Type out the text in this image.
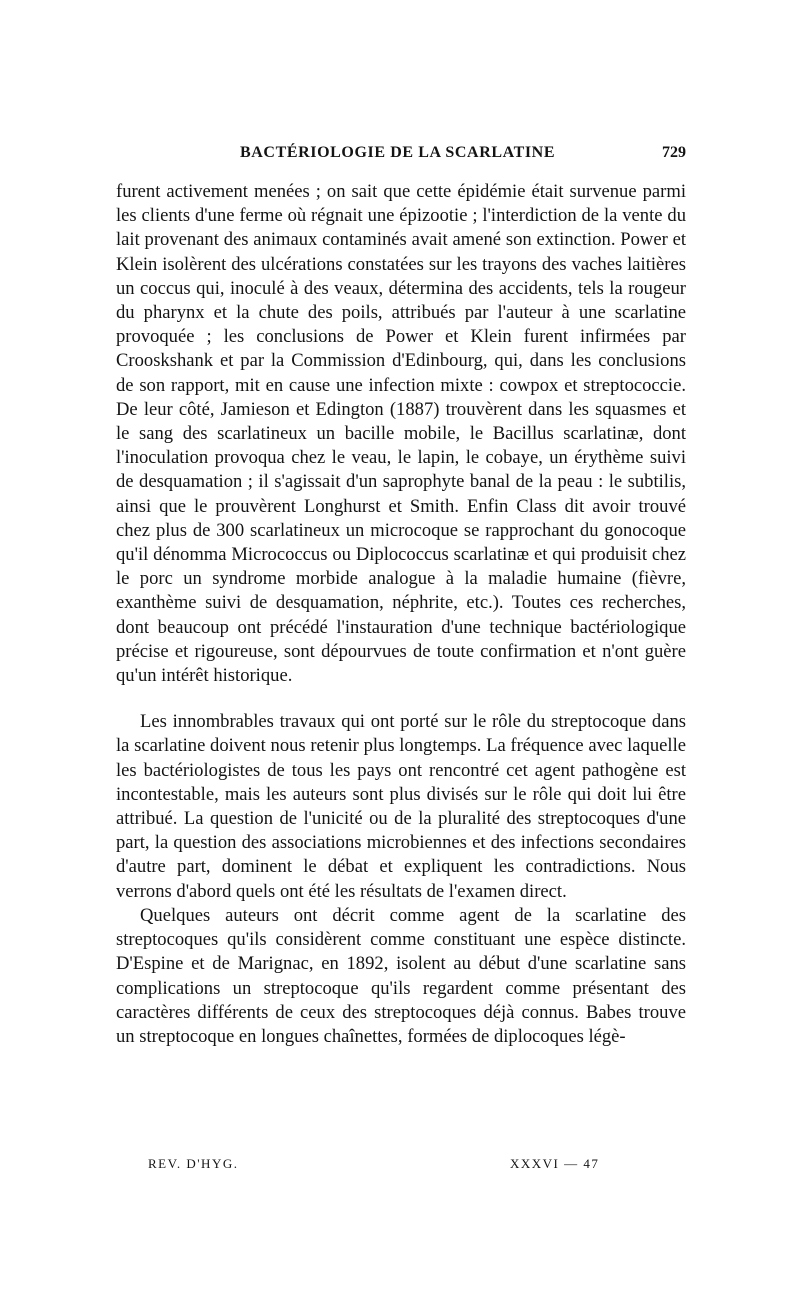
BACTÉRIOLOGIE DE LA SCARLATINE	729

furent activement menées ; on sait que cette épidémie était survenue parmi les clients d'une ferme où régnait une épizootie ; l'interdiction de la vente du lait provenant des animaux contaminés avait amené son extinction. Power et Klein isolèrent des ulcérations constatées sur les trayons des vaches laitières un coccus qui, inoculé à des veaux, détermina des accidents, tels la rougeur du pharynx et la chute des poils, attribués par l'auteur à une scarlatine provoquée ; les conclusions de Power et Klein furent infirmées par Crooskshank et par la Commission d'Edinbourg, qui, dans les conclusions de son rapport, mit en cause une infection mixte : cowpox et streptococcie. De leur côté, Jamieson et Edington (1887) trouvèrent dans les squasmes et le sang des scarlatineux un bacille mobile, le Bacillus scarlatinæ, dont l'inoculation provoqua chez le veau, le lapin, le cobaye, un érythème suivi de desquamation ; il s'agissait d'un saprophyte banal de la peau : le subtilis, ainsi que le prouvèrent Longhurst et Smith. Enfin Class dit avoir trouvé chez plus de 300 scarlatineux un microcoque se rapprochant du gonocoque qu'il dénomma Micrococcus ou Diplococcus scarlatinæ et qui produisit chez le porc un syndrome morbide analogue à la maladie humaine (fièvre, exanthème suivi de desquamation, néphrite, etc.). Toutes ces recherches, dont beaucoup ont précédé l'instauration d'une technique bactériologique précise et rigoureuse, sont dépourvues de toute confirmation et n'ont guère qu'un intérêt historique.

Les innombrables travaux qui ont porté sur le rôle du streptocoque dans la scarlatine doivent nous retenir plus longtemps. La fréquence avec laquelle les bactériologistes de tous les pays ont rencontré cet agent pathogène est incontestable, mais les auteurs sont plus divisés sur le rôle qui doit lui être attribué. La question de l'unicité ou de la pluralité des streptocoques d'une part, la question des associations microbiennes et des infections secondaires d'autre part, dominent le débat et expliquent les contradictions. Nous verrons d'abord quels ont été les résultats de l'examen direct.

Quelques auteurs ont décrit comme agent de la scarlatine des streptocoques qu'ils considèrent comme constituant une espèce distincte. D'Espine et de Marignac, en 1892, isolent au début d'une scarlatine sans complications un streptocoque qu'ils regardent comme présentant des caractères différents de ceux des streptocoques déjà connus. Babes trouve un streptocoque en longues chaînettes, formées de diplocoques légè-

REV. D'HYG.	XXXVI — 47
